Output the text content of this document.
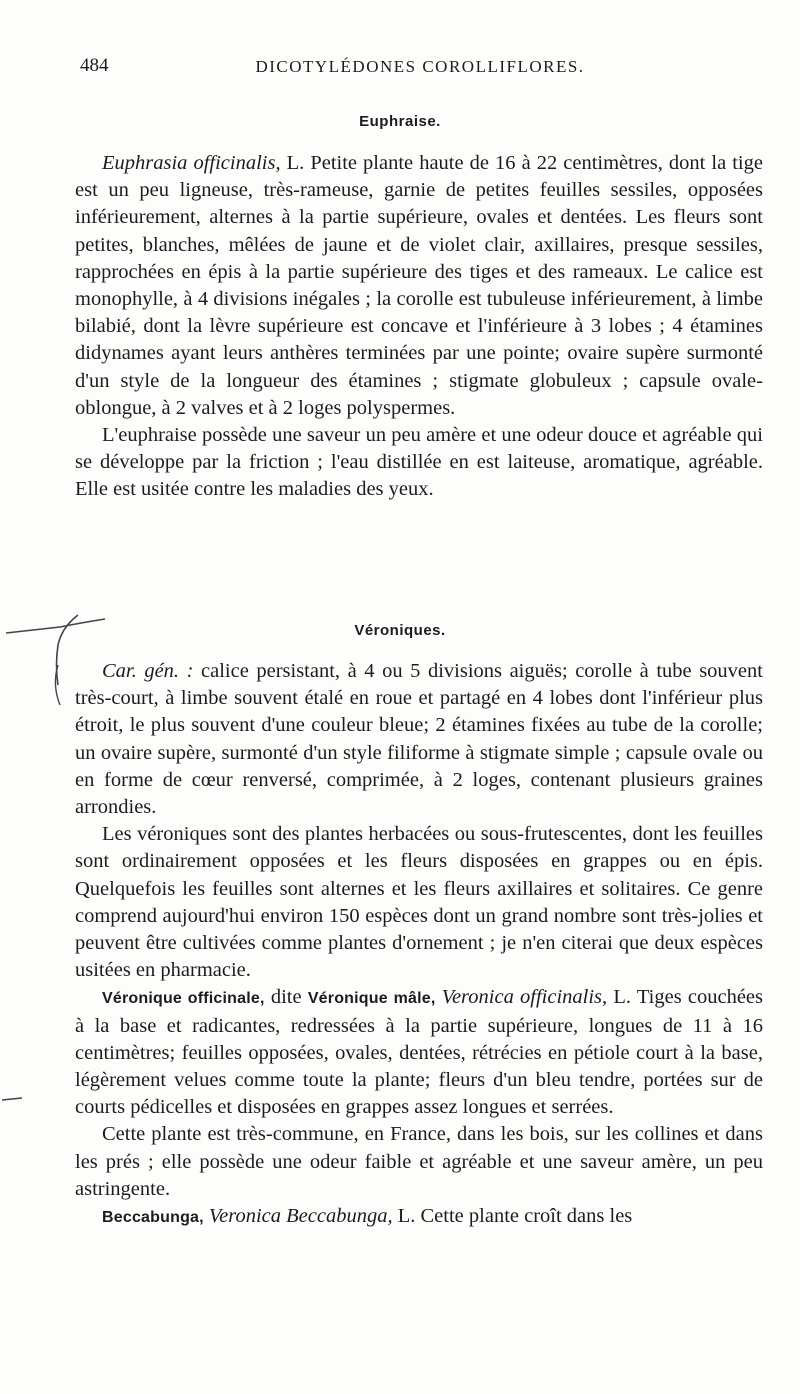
484	DICOTYLÉDONES COROLLIFLORES.
Euphraise.

Euphrasia officinalis, L. Petite plante haute de 16 à 22 centimètres, dont la tige est un peu ligneuse, très-rameuse, garnie de petites feuilles sessiles, opposées inférieurement, alternes à la partie supérieure, ovales et dentées. Les fleurs sont petites, blanches, mêlées de jaune et de violet clair, axillaires, presque sessiles, rapprochées en épis à la partie supérieure des tiges et des rameaux. Le calice est monophylle, à 4 divisions inégales ; la corolle est tubuleuse inférieurement, à limbe bilabié, dont la lèvre supérieure est concave et l'inférieure à 3 lobes ; 4 étamines didynames ayant leurs anthères terminées par une pointe; ovaire supère surmonté d'un style de la longueur des étamines ; stigmate globuleux ; capsule ovale-oblongue, à 2 valves et à 2 loges polyspermes.

L'euphraise possède une saveur un peu amère et une odeur douce et agréable qui se développe par la friction ; l'eau distillée en est laiteuse, aromatique, agréable. Elle est usitée contre les maladies des yeux.

Véroniques.

Car. gén. : calice persistant, à 4 ou 5 divisions aiguës; corolle à tube souvent très-court, à limbe souvent étalé en roue et partagé en 4 lobes dont l'inférieur plus étroit, le plus souvent d'une couleur bleue; 2 étamines fixées au tube de la corolle; un ovaire supère, surmonté d'un style filiforme à stigmate simple ; capsule ovale ou en forme de cœur renversé, comprimée, à 2 loges, contenant plusieurs graines arrondies.

Les véroniques sont des plantes herbacées ou sous-frutescentes, dont les feuilles sont ordinairement opposées et les fleurs disposées en grappes ou en épis. Quelquefois les feuilles sont alternes et les fleurs axillaires et solitaires. Ce genre comprend aujourd'hui environ 150 espèces dont un grand nombre sont très-jolies et peuvent être cultivées comme plantes d'ornement ; je n'en citerai que deux espèces usitées en pharmacie.

Véronique officinale, dite Véronique mâle, Veronica officinalis, L. Tiges couchées à la base et radicantes, redressées à la partie supérieure, longues de 11 à 16 centimètres; feuilles opposées, ovales, dentées, rétrécies en pétiole court à la base, légèrement velues comme toute la plante; fleurs d'un bleu tendre, portées sur de courts pédicelles et disposées en grappes assez longues et serrées.

Cette plante est très-commune, en France, dans les bois, sur les collines et dans les prés ; elle possède une odeur faible et agréable et une saveur amère, un peu astringente.

Beccabunga, Veronica Beccabunga, L. Cette plante croît dans les
